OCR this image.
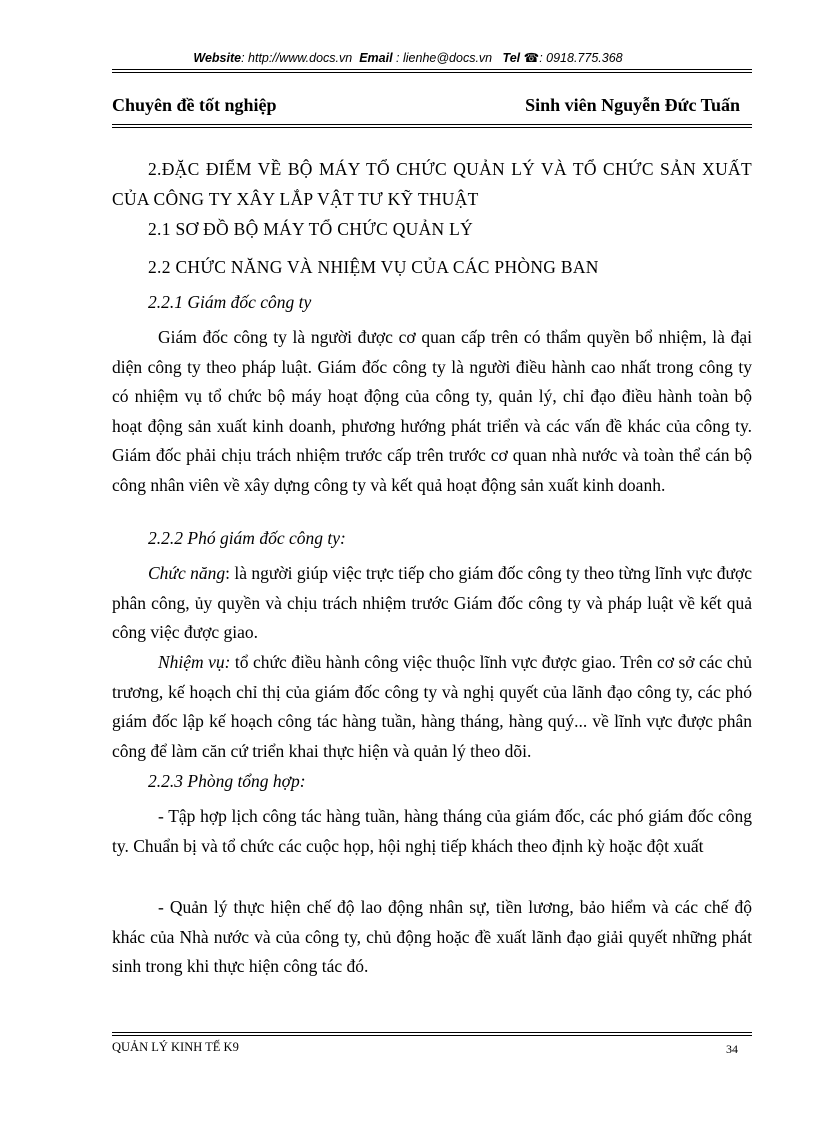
Website: http://www.docs.vn Email : lienhe@docs.vn Tel ☎: 0918.775.368
Chuyên đề tốt nghiệp	Sinh viên Nguyễn Đức Tuấn

2.ĐẶC ĐIỂM VỀ BỘ MÁY TỔ CHỨC QUẢN LÝ VÀ TỔ CHỨC SẢN XUẤT CỦA CÔNG TY XÂY LẮP VẬT TƯ KỸ THUẬT

2.1 SƠ ĐỒ BỘ MÁY TỔ CHỨC QUẢN LÝ

2.2 CHỨC NĂNG VÀ NHIỆM VỤ CỦA CÁC PHÒNG BAN

2.2.1 Giám đốc công ty

Giám đốc công ty là người được cơ quan cấp trên có thẩm quyền bổ nhiệm, là đại diện công ty theo pháp luật. Giám đốc công ty là người điều hành cao nhất trong công ty có nhiệm vụ tổ chức bộ máy hoạt động của công ty, quản lý, chỉ đạo điều hành toàn bộ hoạt động sản xuất kinh doanh, phương hướng phát triển và các vấn đề khác của công ty. Giám đốc phải chịu trách nhiệm trước cấp trên trước cơ quan nhà nước và toàn thể cán bộ công nhân viên về xây dựng công ty và kết quả hoạt động sản xuất kinh doanh.

2.2.2 Phó giám đốc công ty:

Chức năng: là người giúp việc trực tiếp cho giám đốc công ty theo từng lĩnh vực được phân công, ủy quyền và chịu trách nhiệm trước Giám đốc công ty và pháp luật về kết quả công việc được giao.

Nhiệm vụ: tổ chức điều hành công việc thuộc lĩnh vực được giao. Trên cơ sở các chủ trương, kế hoạch chỉ thị của giám đốc công ty và nghị quyết của lãnh đạo công ty, các phó giám đốc lập kế hoạch công tác hàng tuần, hàng tháng, hàng quý... về lĩnh vực được phân công để làm căn cứ triển khai thực hiện và quản lý theo dõi.

2.2.3 Phòng tổng hợp:

- Tập hợp lịch công tác hàng tuần, hàng tháng của giám đốc, các phó giám đốc công ty. Chuẩn bị và tổ chức các cuộc họp, hội nghị tiếp khách theo định kỳ hoặc đột xuất

- Quản lý thực hiện chế độ lao động nhân sự, tiền lương, bảo hiểm và các chế độ khác của Nhà nước và của công ty, chủ động hoặc đề xuất lãnh đạo giải quyết những phát sinh trong khi thực hiện công tác đó.

QUẢN LÝ KINH TẾ K9	34
